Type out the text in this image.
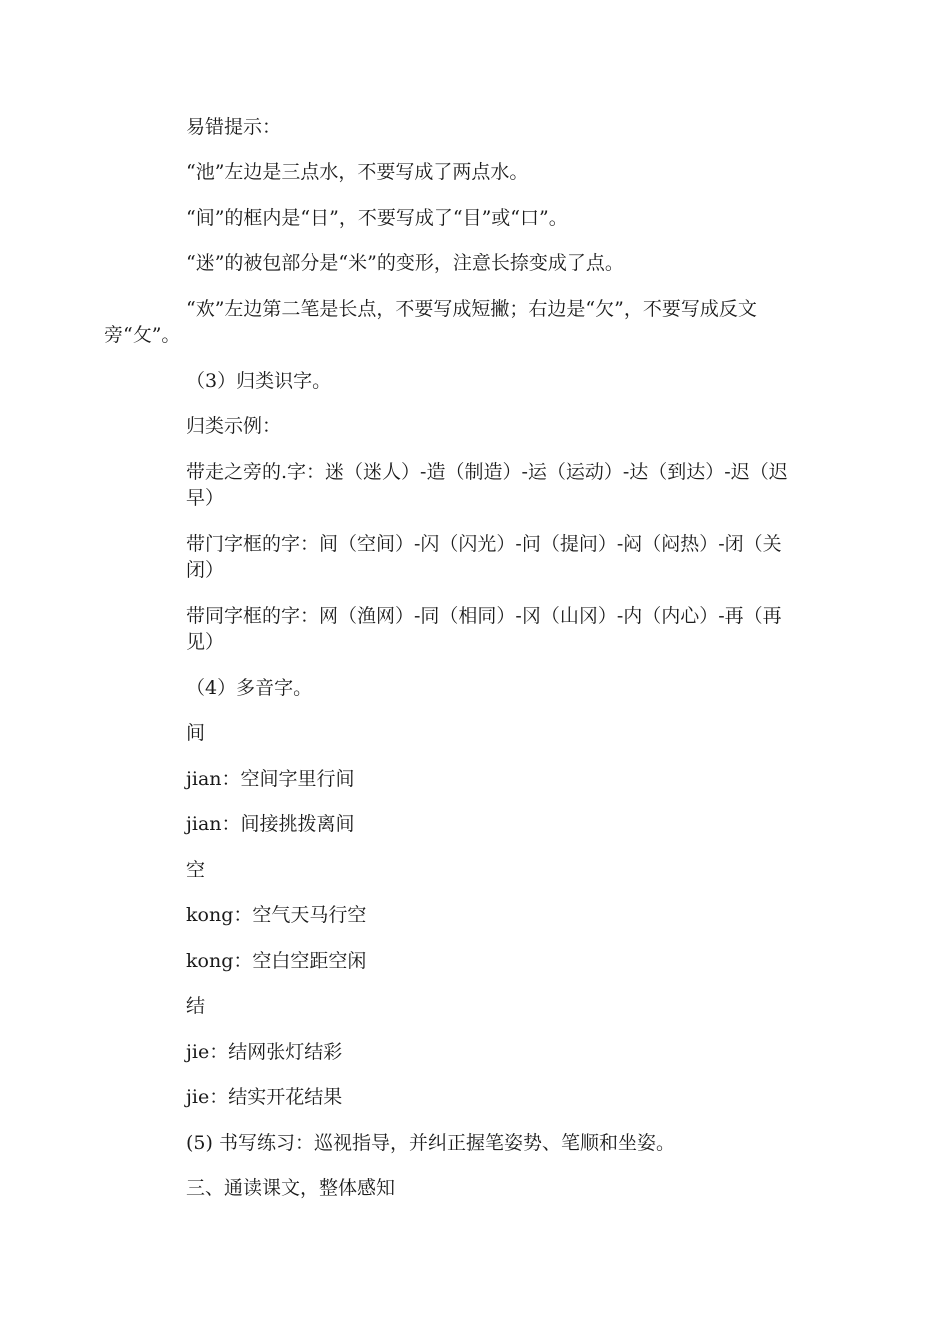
易错提示：

“池”左边是三点水，不要写成了两点水。

“间”的框内是“日”，不要写成了“目”或“口”。

“迷”的被包部分是“米”的变形，注意长捺变成了点。

“欢”左边第二笔是长点，不要写成短撇；右边是“欠”，不要写成反文
旁“攵”。

（3）归类识字。

归类示例：

带走之旁的.字：迷（迷人）-造（制造）-运（运动）-达（到达）-迟（迟
早）

带门字框的字：间（空间）-闪（闪光）-问（提问）-闷（闷热）-闭（关
闭）

带同字框的字：网（渔网）-同（相同）-冈（山冈）-内（内心）-再（再
见）

（4）多音字。

间

jian：空间字里行间

jian：间接挑拨离间

空

kong：空气天马行空

kong：空白空距空闲

结

jie：结网张灯结彩

jie：结实开花结果

(5) 书写练习：巡视指导，并纠正握笔姿势、笔顺和坐姿。

三、通读课文，整体感知
